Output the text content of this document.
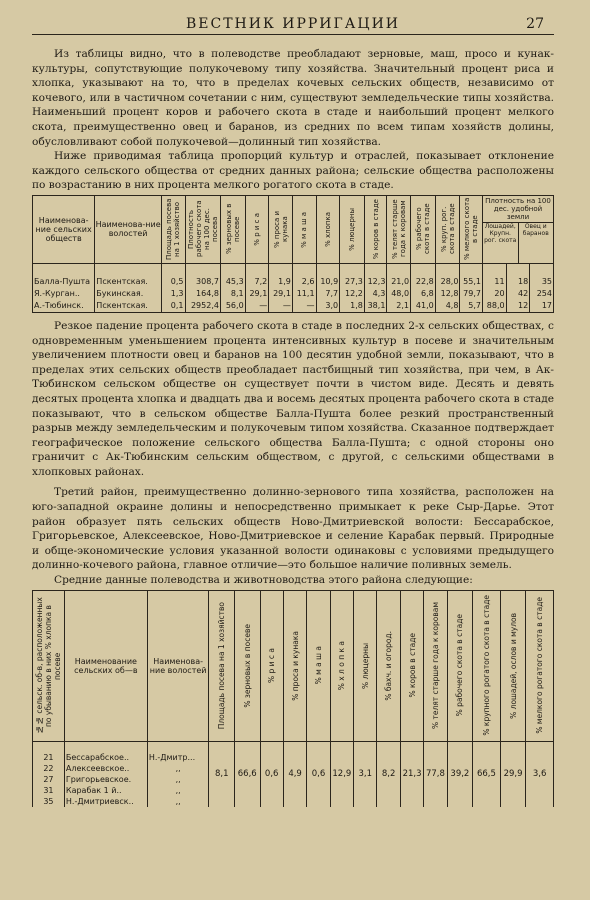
ВЕСТНИК ИРРИГАЦИИ	27

Из таблицы видно, что в полеводстве преобладают зерновые, маш, просо и кунак-культуры, сопутствующие полукочевому типу хозяйства. Значительный процент риса и хлопка, указывают на то, что в пределах кочевых сельских обществ, независимо от кочевого, или в частичном сочетании с ним, существуют земледельческие типы хозяйства. Наименьший процент коров и рабочего скота в стаде и наибольший процент мелкого скота, преимущественно овец и баранов, из средних по всем типам хозяйств долины, обусловливают собой полукочевой—долинный тип хозяйства.

Ниже приводимая таблица пропорций культур и отраслей, показывает отклонение каждого сельского общества от средних данных района; сельские общества расположены по возрастанию в них процента мелкого рогатого скота в стаде.

Наименова-ние сельских обществ	Наименова-ние волостей	Площадь посева на 1 хозяйство	Плотность рабочего скота на 100 дес. посева	% зерновых в посеве	% р и с а	% проса и кунака	% м а ш а	% хлопка	% люцерны	% коров в стаде	% телят старше года к коровам	% рабочего скота в стаде	% круп. рог. скота в стаде	% мелкого скота в стаде	Плотность на 100 дес. удобной земли
Лошадей, Крупн. рог. скота
Овец и баранов		

Балла-Пушта	Пскентская.	0,5	308,7	45,3	7,2	1,9	2,6	10,9	27,3	12,3	21,0	22,8	28,0	55,1	11	18	35
Я.-Курган..	Букинская.	1,3	164,8	8,1	29,1	29,1	11,1	7,7	12,2	4,3	48,0	6,8	12,8	79,7	20	42	254
А.-Тюбинск.	Пскентская.	0,1	2952,4	56,0	—	—	—	3,0	1,8	38,1	2,1	41,0	4,8	5,7	88,0	12	17

Резкое падение процента рабочего скота в стаде в последних 2-х сельских обществах, с одновременным уменьшением процента интенсивных культур в посеве и значительным увеличением плотности овец и баранов на 100 десятин удобной земли, показывают, что в пределах этих сельских обществ преобладает пастбищный тип хозяйства, при чем, в Ак-Тюбинском сельском обществе он существует почти в чистом виде. Десять и девять десятых процента хлопка и двадцать два и восемь десятых процента рабочего скота в стаде показывают, что в сельском обществе Балла-Пушта более резкий пространственный разрыв между земледельческим и полукочевым типом хозяйства. Сказанное подтверждает географическое положение сельского общества Балла-Пушта; с одной стороны оно граничит с Ак-Тюбинским сельским обществом, с другой, с сельскими обществами в хлопковых районах.

Третий район, преимущественно долинно-зернового типа хозяйства, расположен на юго-западной окраине долины и непосредственно примыкает к реке Сыр-Дарье. Этот район образует пять сельских обществ Ново-Дмитриевской волости: Бессарабское, Григорьевское, Алексеевское, Ново-Дмитриевское и селение Карабак первый. Природные и обще-экономические условия указанной волости одинаковы с условиями предыдущего долинно-кочевого района, главное отличие—это большое наличие поливных земель.

Средние данные полеводства и животноводства этого района следующие:

№№ сельск. об-в, расположенных по убыванию в них % хлопка в посеве	Наименование сельских об—в	Наименова-ние волостей	Площадь посева на 1 хозяйство	% зерновых в посеве	% р и с а	% проса и кунака	% м а ш а	% х л о п к а	% люцерны	% бахч. и огород.	% коров в стаде	% телят старше года к коровам	% рабочего скота в стаде	% крупного рогатого скота в стаде	% лошадей, ослов и мулов	% мелкого рогатого скота в стаде

21	Бессарабское..	Н.-Дмитр...	8,1	66,6	0,6	4,9	0,6	12,9	3,1	8,2	21,3	77,8	39,2	66,5	29,9	3,6
22	Алексеевское..	,,														
27	Григорьевское.	,,														
31	Карабак 1 й..	,,														
35	Н.-Дмитриевск..	,,														
